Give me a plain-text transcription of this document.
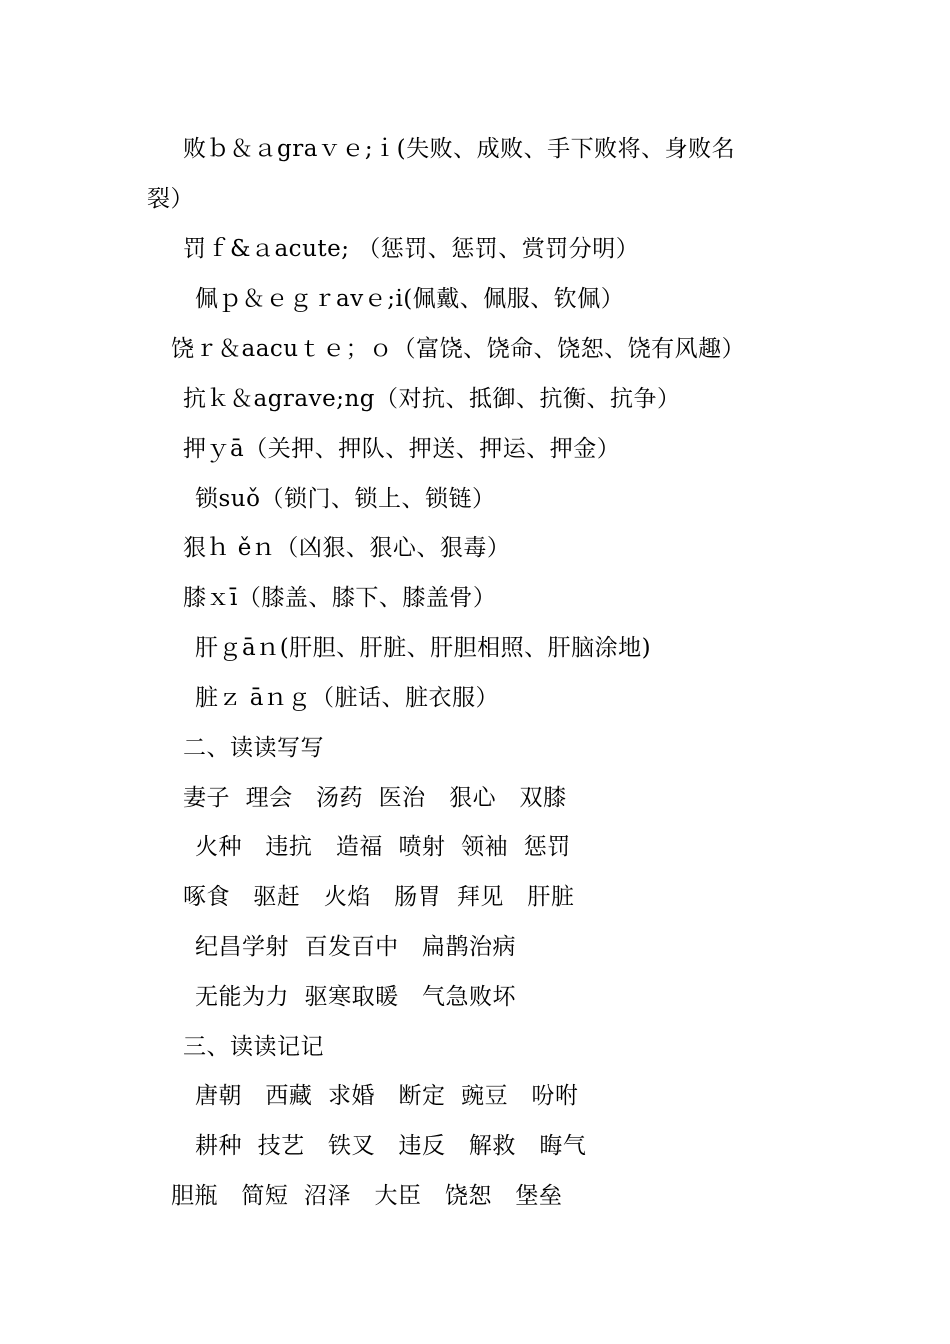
败ｂ＆ａgraｖｅ;ｉ(失败、成败、手下败将、身败名
裂）
罚ｆ&ａacute; （惩罚、惩罚、赏罚分明）
佩ｐ＆ｅｇｒavｅ;i(佩戴、佩服、钦佩）
饶ｒ＆aacuｔｅ；ｏ（富饶、饶命、饶恕、饶有风趣）
抗ｋ＆agrave;ng（对抗、抵御、抗衡、抗争）
押ｙā（关押、押队、押送、押运、押金）
锁suǒ（锁门、锁上、锁链）
狠ｈ ěｎ（凶狠、狠心、狠毒）
膝ｘī（膝盖、膝下、膝盖骨）
肝ｇāｎ(肝胆、肝脏、肝胆相照、肝脑涂地)
脏ｚ āｎｇ（脏话、脏衣服）
二、读读写写
妻子  理会   汤药  医治   狠心   双膝
火种   违抗   造福  喷射  领袖  惩罚
啄食   驱赶   火焰   肠胃  拜见   肝脏
纪昌学射  百发百中   扁鹊治病
无能为力  驱寒取暖   气急败坏
三、读读记记
唐朝   西藏  求婚   断定  豌豆   吩咐
耕种  技艺   铁叉   违反   解救   晦气
胆瓶   简短  沼泽   大臣   饶恕   堡垒
